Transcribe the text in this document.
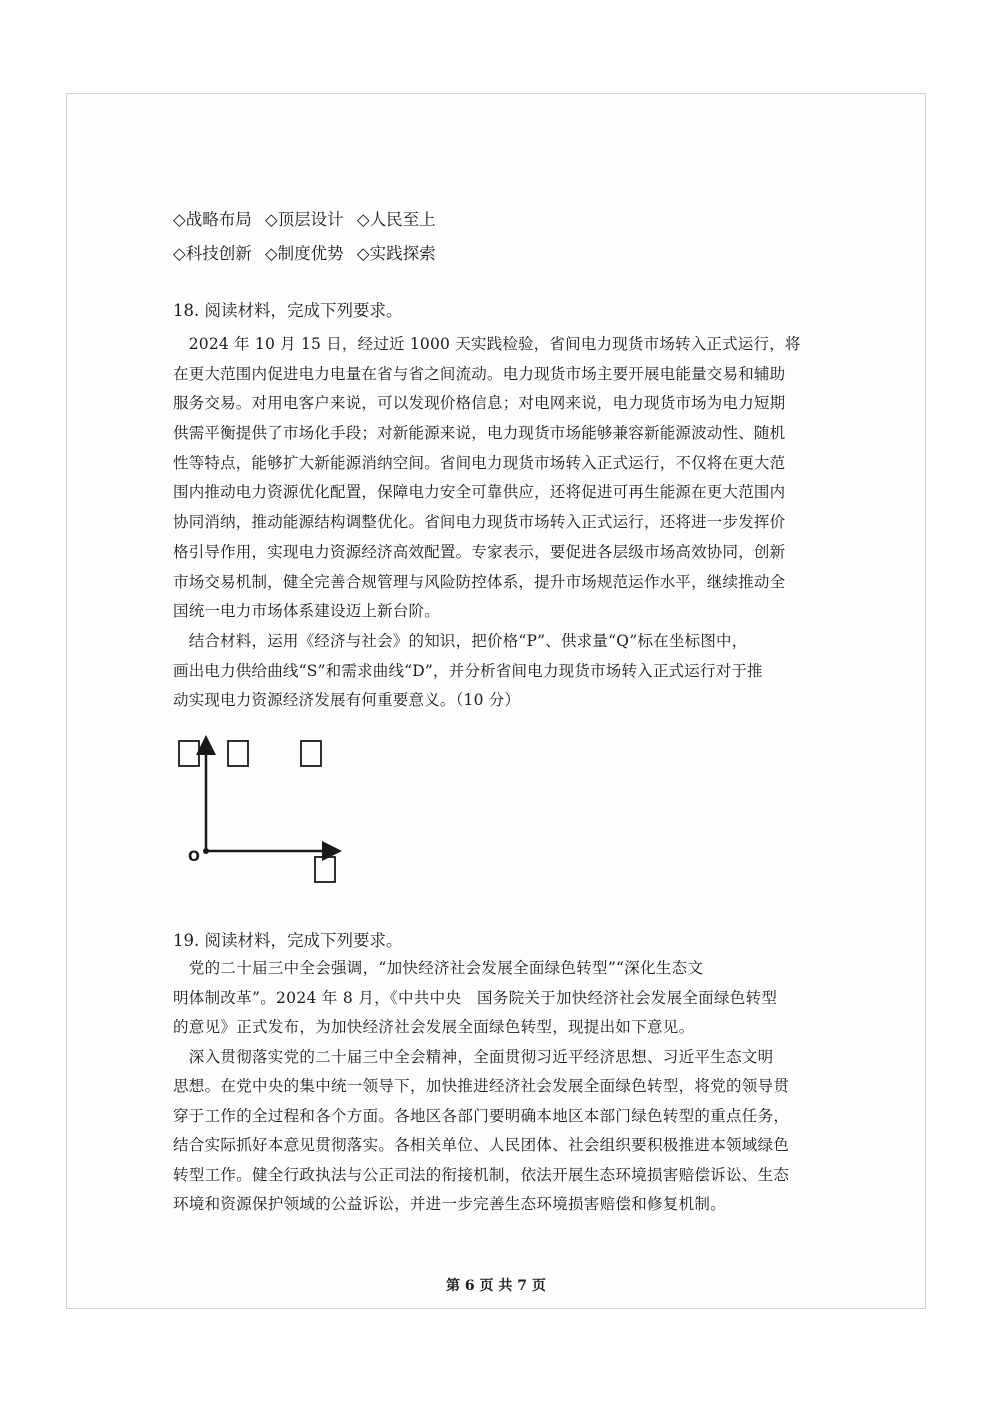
◇战略布局 ◇顶层设计 ◇人民至上
◇科技创新 ◇制度优势 ◇实践探索
18. 阅读材料，完成下列要求。
　2024 年 10 月 15 日，经过近 1000 天实践检验，省间电力现货市场转入正式运行，将
在更大范围内促进电力电量在省与省之间流动。电力现货市场主要开展电能量交易和辅助
服务交易。对用电客户来说，可以发现价格信息；对电网来说，电力现货市场为电力短期
供需平衡提供了市场化手段；对新能源来说，电力现货市场能够兼容新能源波动性、随机
性等特点，能够扩大新能源消纳空间。省间电力现货市场转入正式运行，不仅将在更大范
围内推动电力资源优化配置，保障电力安全可靠供应，还将促进可再生能源在更大范围内
协同消纳，推动能源结构调整优化。省间电力现货市场转入正式运行，还将进一步发挥价
格引导作用，实现电力资源经济高效配置。专家表示，要促进各层级市场高效协同，创新
市场交易机制，健全完善合规管理与风险防控体系，提升市场规范运作水平，继续推动全
国统一电力市场体系建设迈上新台阶。
　结合材料，运用《经济与社会》的知识，把价格“P”、供求量“Q”标在坐标图中，
画出电力供给曲线“S”和需求曲线“D”，并分析省间电力现货市场转入正式运行对于推
动实现电力资源经济发展有何重要意义。（10 分）
O
19. 阅读材料，完成下列要求。
　党的二十届三中全会强调，“加快经济社会发展全面绿色转型”“深化生态文
明体制改革”。2024 年 8 月，《中共中央　国务院关于加快经济社会发展全面绿色转型
的意见》正式发布，为加快经济社会发展全面绿色转型，现提出如下意见。
　深入贯彻落实党的二十届三中全会精神，全面贯彻习近平经济思想、习近平生态文明
思想。在党中央的集中统一领导下，加快推进经济社会发展全面绿色转型，将党的领导贯
穿于工作的全过程和各个方面。各地区各部门要明确本地区本部门绿色转型的重点任务，
结合实际抓好本意见贯彻落实。各相关单位、人民团体、社会组织要积极推进本领域绿色
转型工作。健全行政执法与公正司法的衔接机制，依法开展生态环境损害赔偿诉讼、生态
环境和资源保护领域的公益诉讼，并进一步完善生态环境损害赔偿和修复机制。
第 6 页 共 7 页
